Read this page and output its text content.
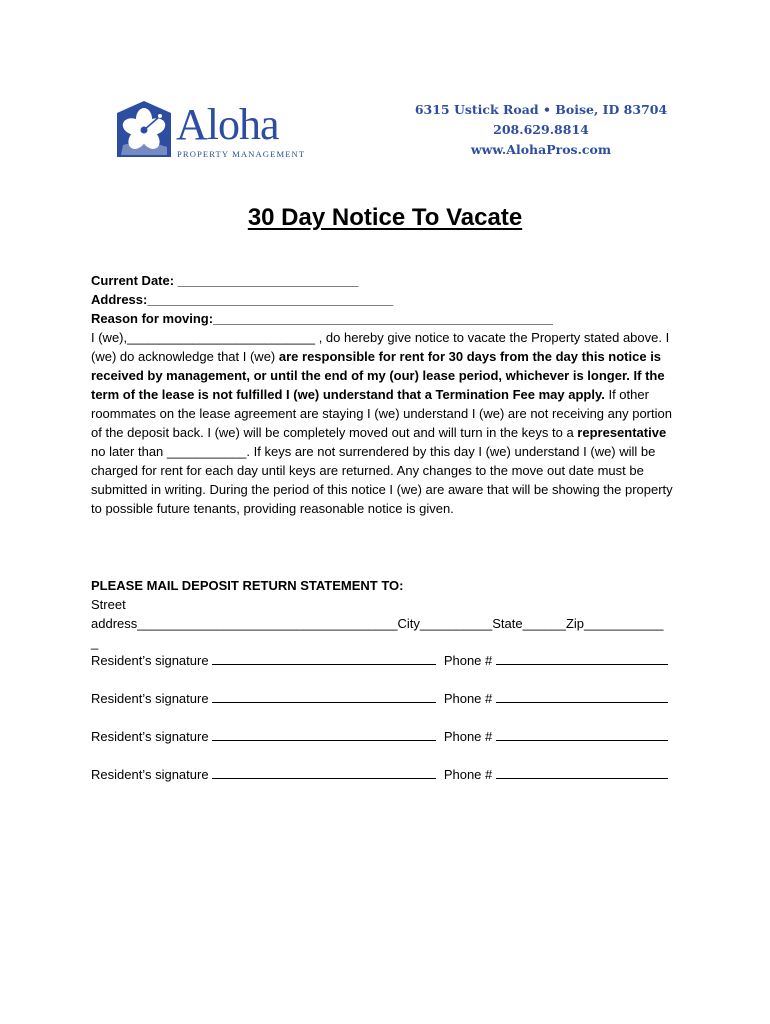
Aloha
PROPERTY MANAGEMENT
6315 Ustick Road • Boise, ID 83704
208.629.8814
www.AlohaPros.com
30 Day Notice To Vacate
Current Date: _________________________
Address:__________________________________
Reason for moving:_______________________________________________
I (we),__________________________ , do hereby give notice to vacate the Property stated above. I (we) do acknowledge that I (we) are responsible for rent for 30 days from the day this notice is received by management, or until the end of my (our) lease period, whichever is longer. If the term of the lease is not fulfilled I (we) understand that a Termination Fee may apply. If other roommates on the lease agreement are staying I (we) understand I (we) are not receiving any portion of the deposit back. I (we) will be completely moved out and will turn in the keys to a representative no later than ___________. If keys are not surrendered by this day I (we) understand I (we) will be charged for rent for each day until keys are returned. Any changes to the move out date must be submitted in writing. During the period of this notice I (we) are aware that will be showing the property to possible future tenants, providing reasonable notice is given.
PLEASE MAIL DEPOSIT RETURN STATEMENT TO:
Street
address____________________________________City__________State______Zip___________
_
Resident’s signature	Phone #
Resident’s signature	Phone #
Resident’s signature	Phone #
Resident’s signature	Phone #
